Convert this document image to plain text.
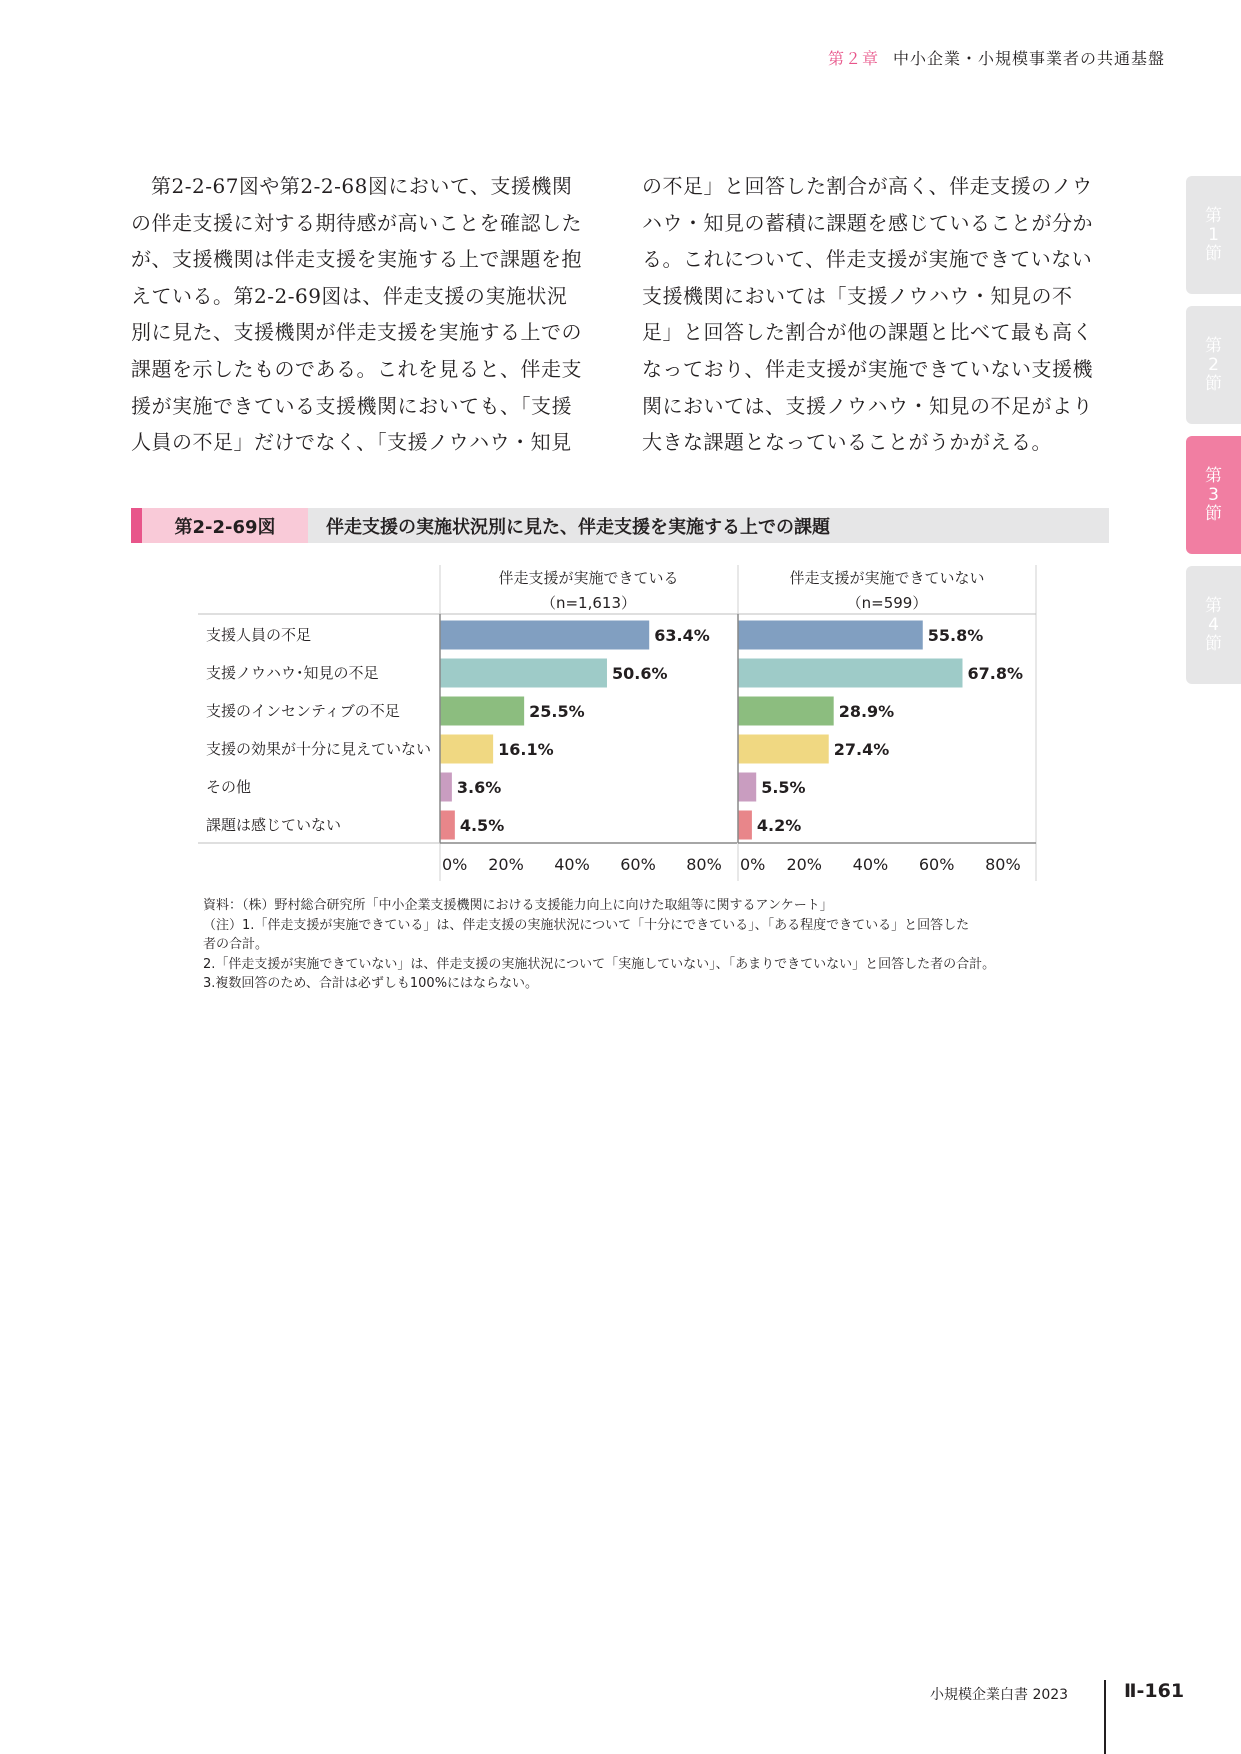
第２章 中小企業・小規模事業者の共通基盤
第2-2-67図や第2-2-68図において、支援機関
の伴走支援に対する期待感が高いことを確認した
が、支援機関は伴走支援を実施する上で課題を抱
えている。第2-2-69図は、伴走支援の実施状況
別に見た、支援機関が伴走支援を実施する上での
課題を示したものである。これを見ると、伴走支
援が実施できている支援機関においても、「支援
人員の不足」だけでなく、「支援ノウハウ・知見
の不足」と回答した割合が高く、伴走支援のノウ
ハウ・知見の蓄積に課題を感じていることが分か
る。これについて、伴走支援が実施できていない
支援機関においては「支援ノウハウ・知見の不
足」と回答した割合が他の課題と比べて最も高く
なっており、伴走支援が実施できていない支援機
関においては、支援ノウハウ・知見の不足がより
大きな課題となっていることがうかがえる。
第
1
節
第
2
節
第
3
節
第
4
節
第2-2-69図	伴走支援の実施状況別に見た、伴走支援を実施する上での課題
支援人員の不足
支援ノウハウ･知見の不足
支援のインセンティブの不足
支援の効果が十分に見えていない
その他
課題は感じていない
伴走支援が実施できている
（n=1,613）
63.4%
50.6%
25.5%
16.1%
3.6%
4.5%
0% 20% 40% 60% 80%
伴走支援が実施できていない
（n=599）
55.8%
67.8%
28.9%
27.4%
5.5%
4.2%
0% 20% 40% 60% 80%
資料：（株）野村総合研究所「中小企業支援機関における支援能力向上に向けた取組等に関するアンケート」
（注）1.「伴走支援が実施できている」は、伴走支援の実施状況について「十分にできている」、「ある程度できている」と回答した
者の合計。
2.「伴走支援が実施できていない」は、伴走支援の実施状況について「実施していない」、「あまりできていない」と回答した者の合計。
3.複数回答のため、合計は必ずしも100%にはならない。
小規模企業白書 2023	Ⅱ-161
